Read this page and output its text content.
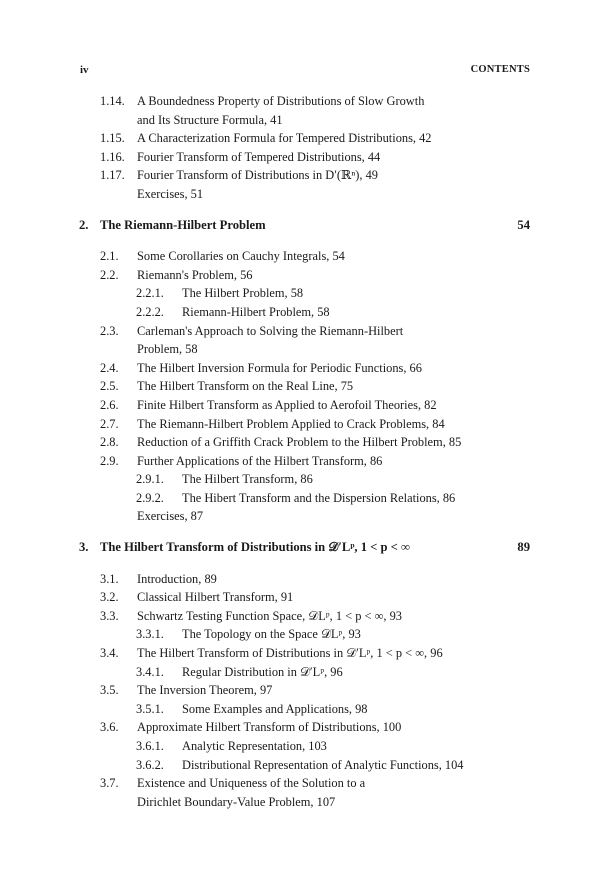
iv	CONTENTS
1.14. A Boundedness Property of Distributions of Slow Growth
and Its Structure Formula, 41
1.15. A Characterization Formula for Tempered Distributions, 42
1.16. Fourier Transform of Tempered Distributions, 44
1.17. Fourier Transform of Distributions in D′(ℝⁿ), 49
Exercises, 51
2. The Riemann-Hilbert Problem	54
2.1. Some Corollaries on Cauchy Integrals, 54
2.2. Riemann's Problem, 56
2.2.1. The Hilbert Problem, 58
2.2.2. Riemann-Hilbert Problem, 58
2.3. Carleman's Approach to Solving the Riemann-Hilbert
Problem, 58
2.4. The Hilbert Inversion Formula for Periodic Functions, 66
2.5. The Hilbert Transform on the Real Line, 75
2.6. Finite Hilbert Transform as Applied to Aerofoil Theories, 82
2.7. The Riemann-Hilbert Problem Applied to Crack Problems, 84
2.8. Reduction of a Griffith Crack Problem to the Hilbert Problem, 85
2.9. Further Applications of the Hilbert Transform, 86
2.9.1. The Hilbert Transform, 86
2.9.2. The Hibert Transform and the Dispersion Relations, 86
Exercises, 87
3. The Hilbert Transform of Distributions in 𝒟′Lᵖ, 1 < p < ∞	89
3.1. Introduction, 89
3.2. Classical Hilbert Transform, 91
3.3. Schwartz Testing Function Space, 𝒟Lᵖ, 1 < p < ∞, 93
3.3.1. The Topology on the Space 𝒟Lᵖ, 93
3.4. The Hilbert Transform of Distributions in 𝒟′Lᵖ, 1 < p < ∞, 96
3.4.1. Regular Distribution in 𝒟′Lᵖ, 96
3.5. The Inversion Theorem, 97
3.5.1. Some Examples and Applications, 98
3.6. Approximate Hilbert Transform of Distributions, 100
3.6.1. Analytic Representation, 103
3.6.2. Distributional Representation of Analytic Functions, 104
3.7. Existence and Uniqueness of the Solution to a
Dirichlet Boundary-Value Problem, 107
